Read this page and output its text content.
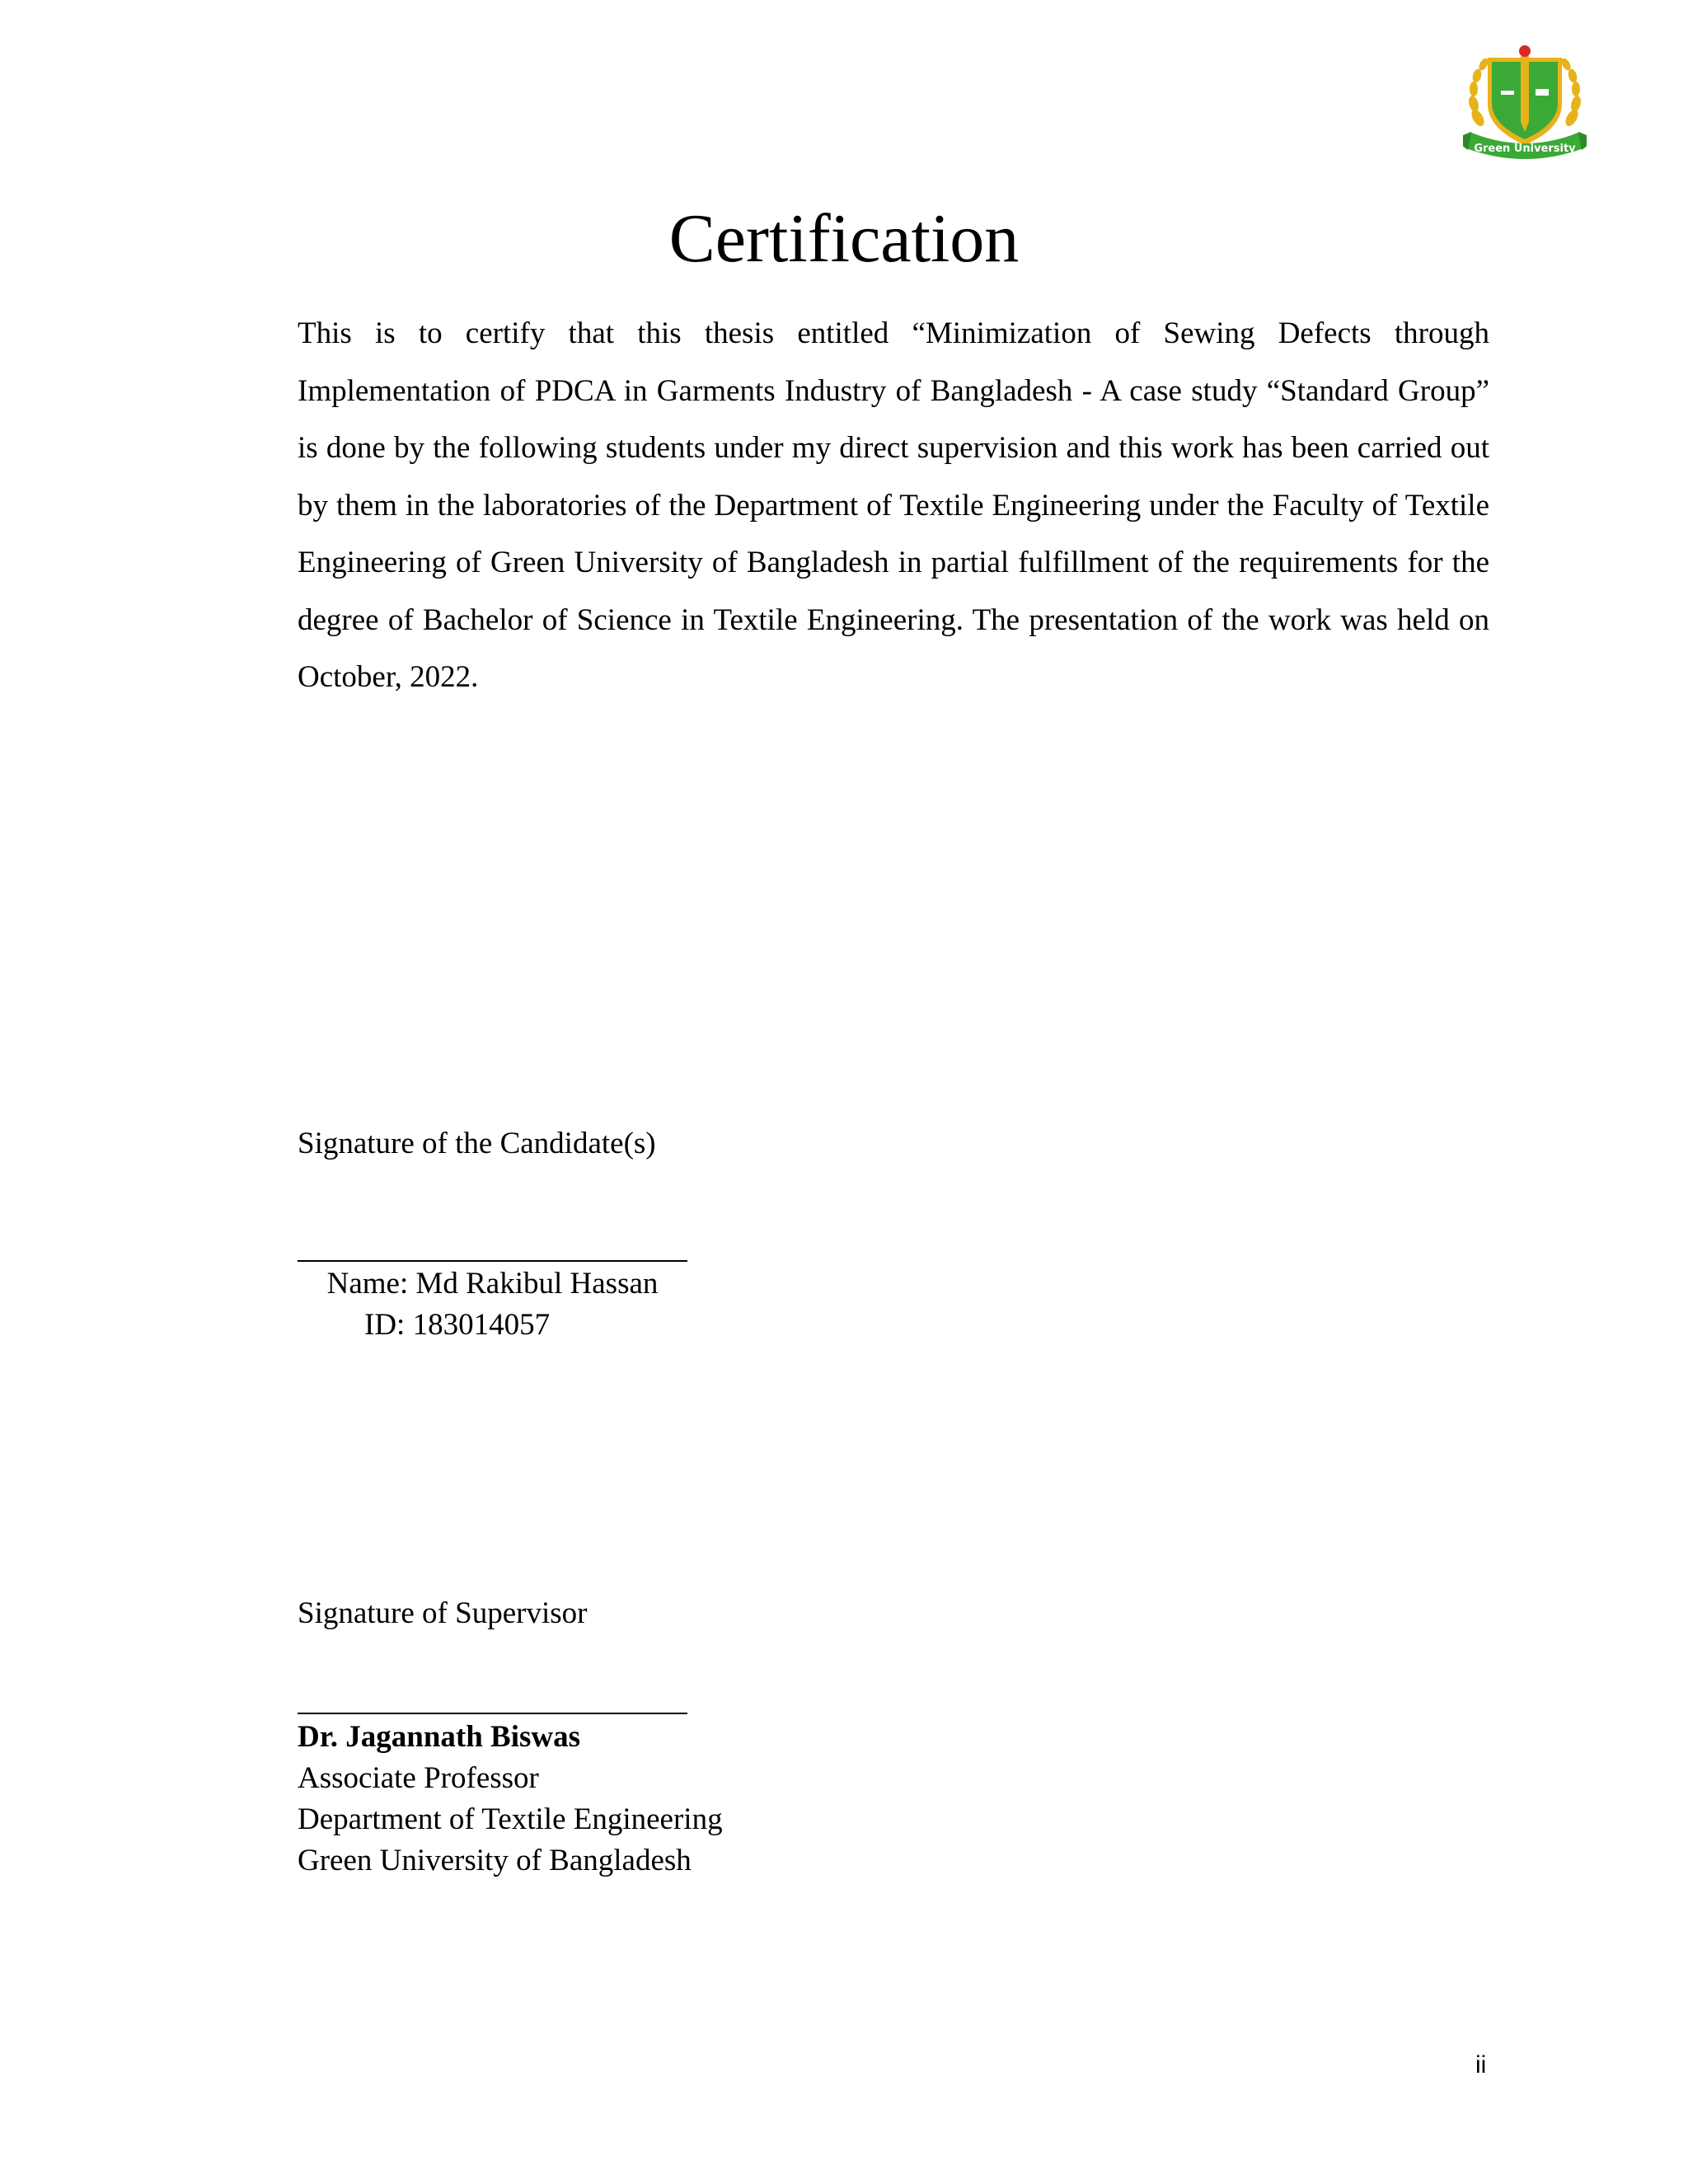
Green University
Certification

This is to certify that this thesis entitled “Minimization of Sewing Defects through Implementation of PDCA in Garments Industry of Bangladesh - A case study “Standard Group” is done by the following students under my direct supervision and this work has been carried out by them in the laboratories of the Department of Textile Engineering under the Faculty of Textile Engineering of Green University of Bangladesh in partial fulfillment of the requirements for the degree of Bachelor of Science in Textile Engineering. The presentation of the work was held on October, 2022.

Signature of the Candidate(s)
Name: Md Rakibul Hassan
ID: 183014057
Signature of Supervisor
Dr. Jagannath Biswas
Associate Professor
Department of Textile Engineering
Green University of Bangladesh
ii
